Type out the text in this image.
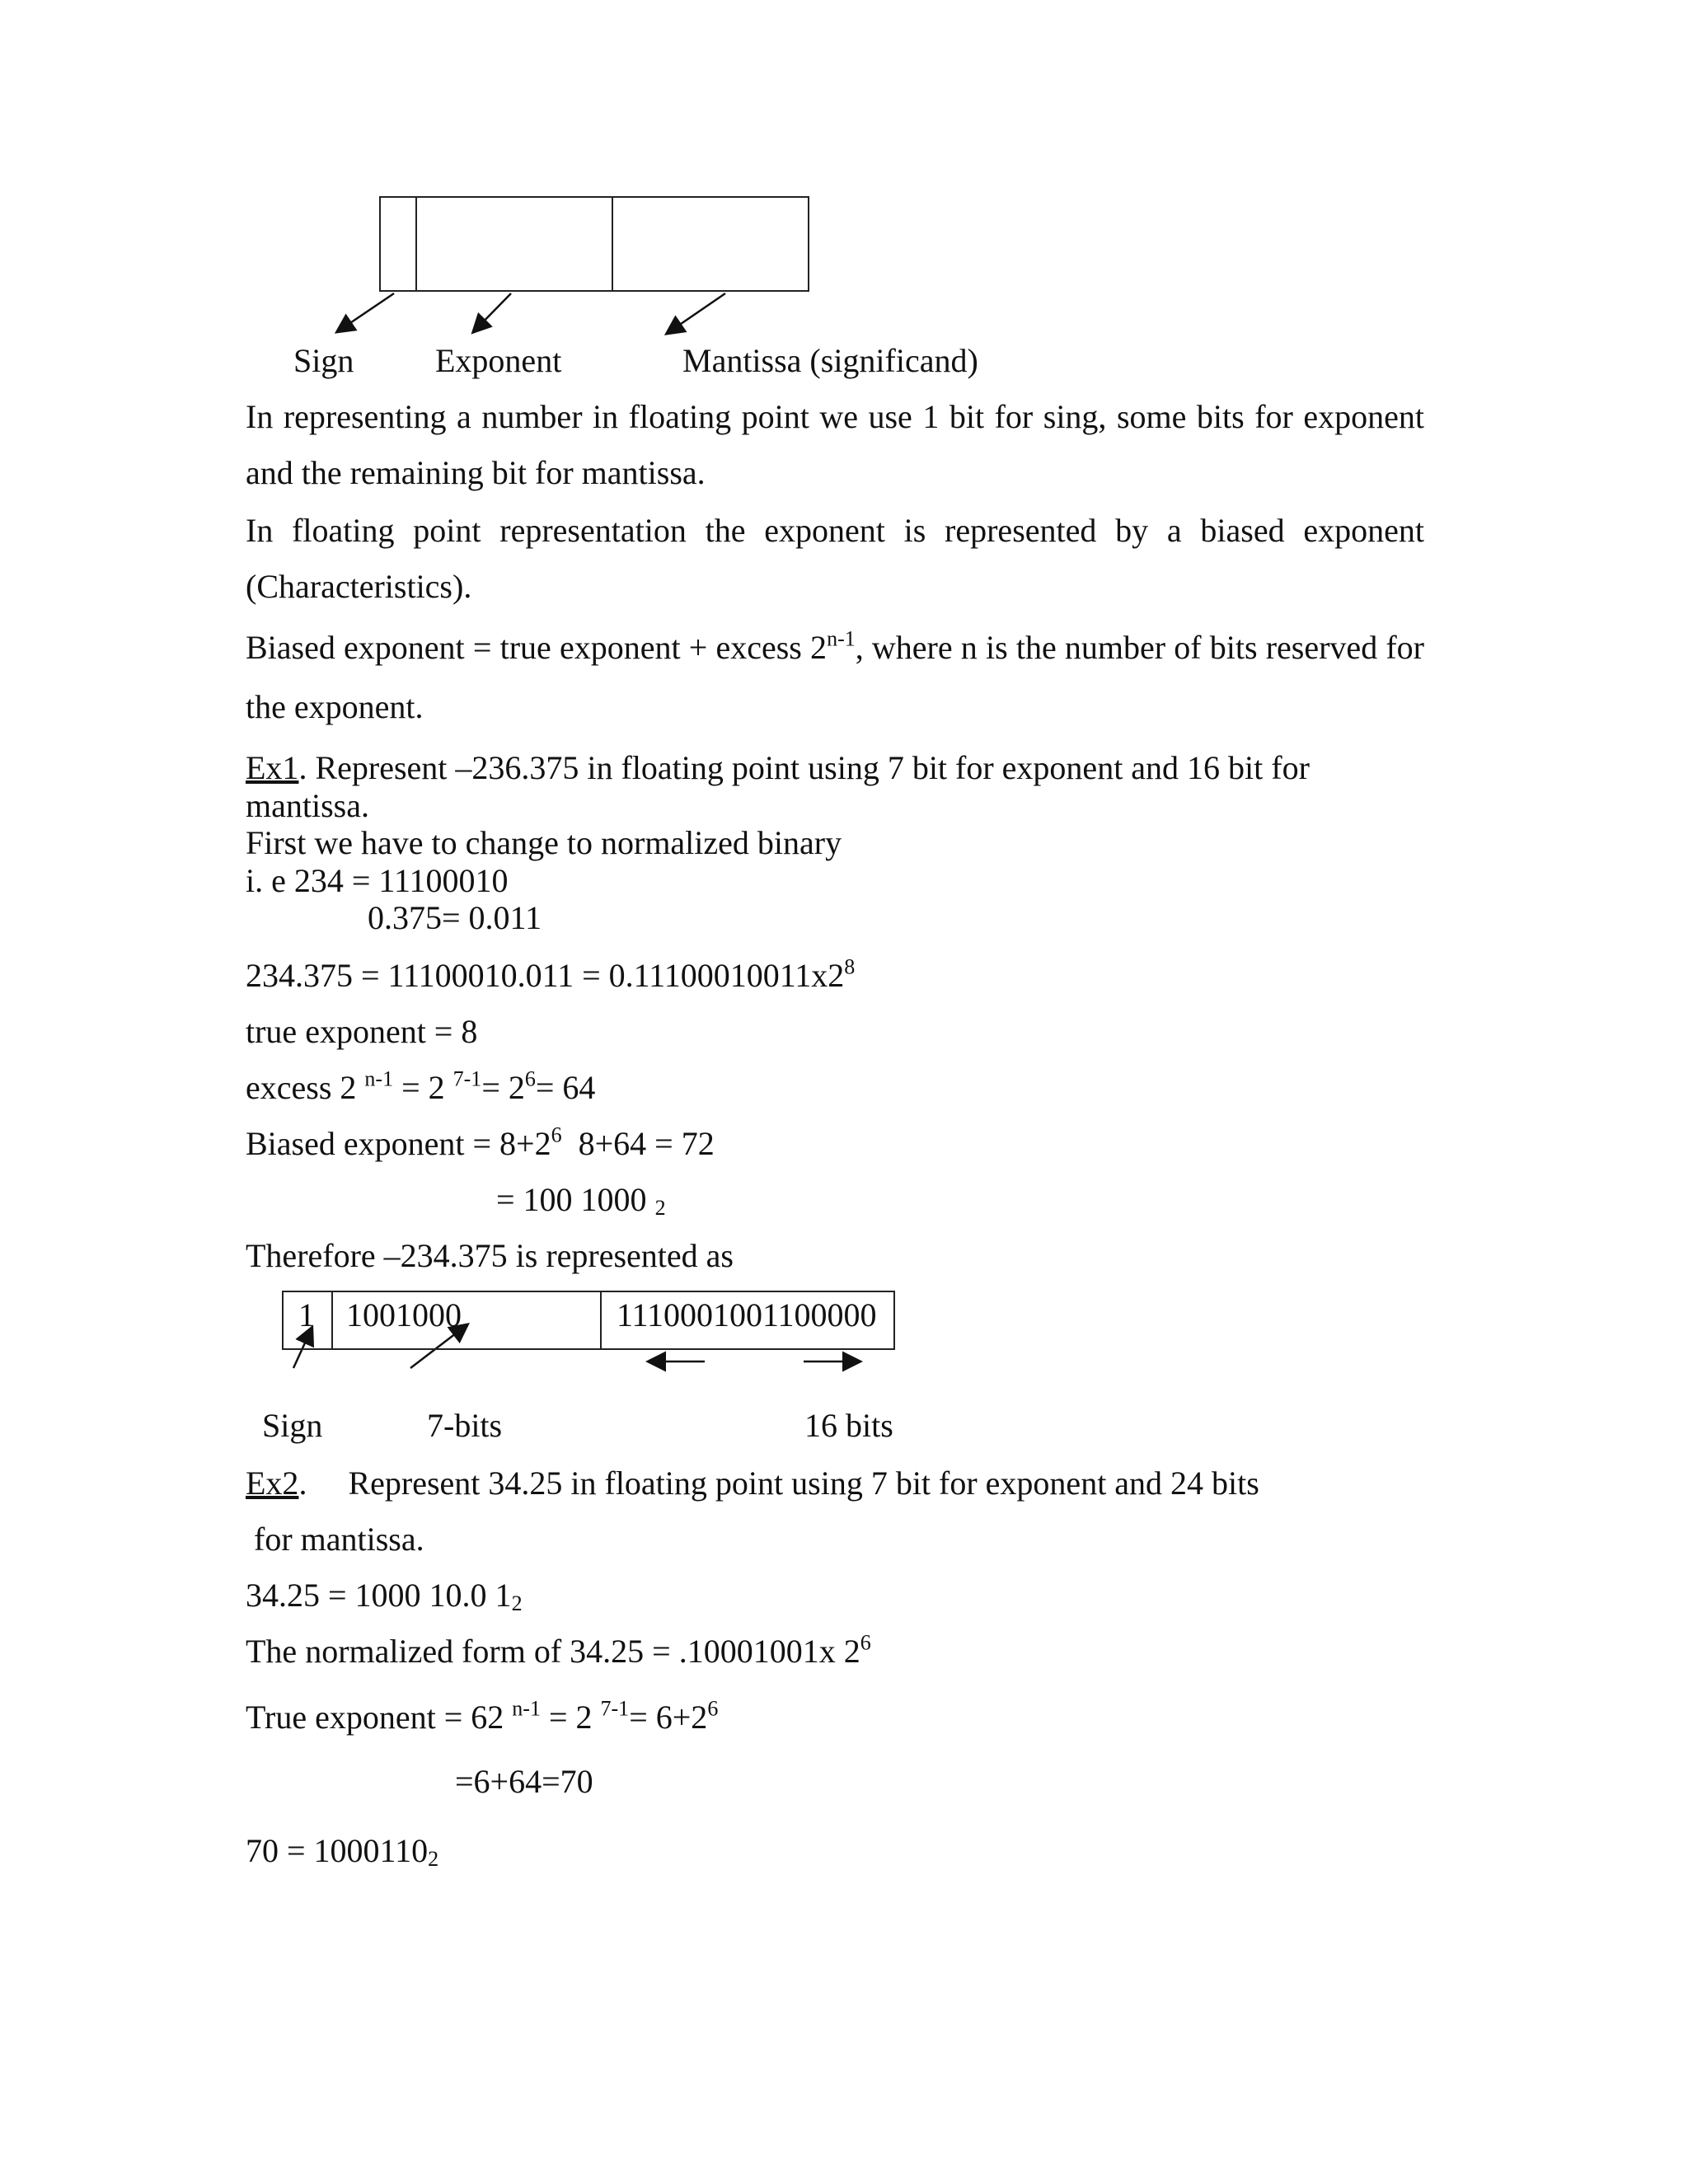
Sign Exponent	Mantissa (significand)
In representing a number in floating point we use 1 bit for sing, some bits for exponent
and the remaining bit for mantissa.
In floating point representation the exponent is represented by a biased exponent
(Characteristics).
Biased exponent = true exponent + excess 2$^{n-1}$, where n is the number of bits reserved for
the exponent.
Ex1. Represent –236.375 in floating point using 7 bit for exponent and 16 bit for
mantissa.
First we have to change to normalized binary
i. e 234 = 11100010
0.375= 0.011
$234.375 = 11100010.011 = 0.11100010011x2^8$
true exponent = 8
excess 2 $^{n-1}$ = 2 $^{7-1}= 2^6= 64$
Biased exponent = $8+2^6$  8+64 = 72
= 100 1000 $_2$
Therefore –234.375 is represented as
1 1001000	1110001001100000
Sign	7-bits	16 bits
Ex2.     Represent 34.25 in floating point using 7 bit for exponent and 24 bits
for mantissa.
34.25 = 1000 10.0 $1_2$
The normalized form of 34.25 = .10001001x $2^6$
True exponent = 62 $^{n-1}$ = 2 $^{7-1}= 6+2^6$
=6+64=70
$70 = 1000110_2$
